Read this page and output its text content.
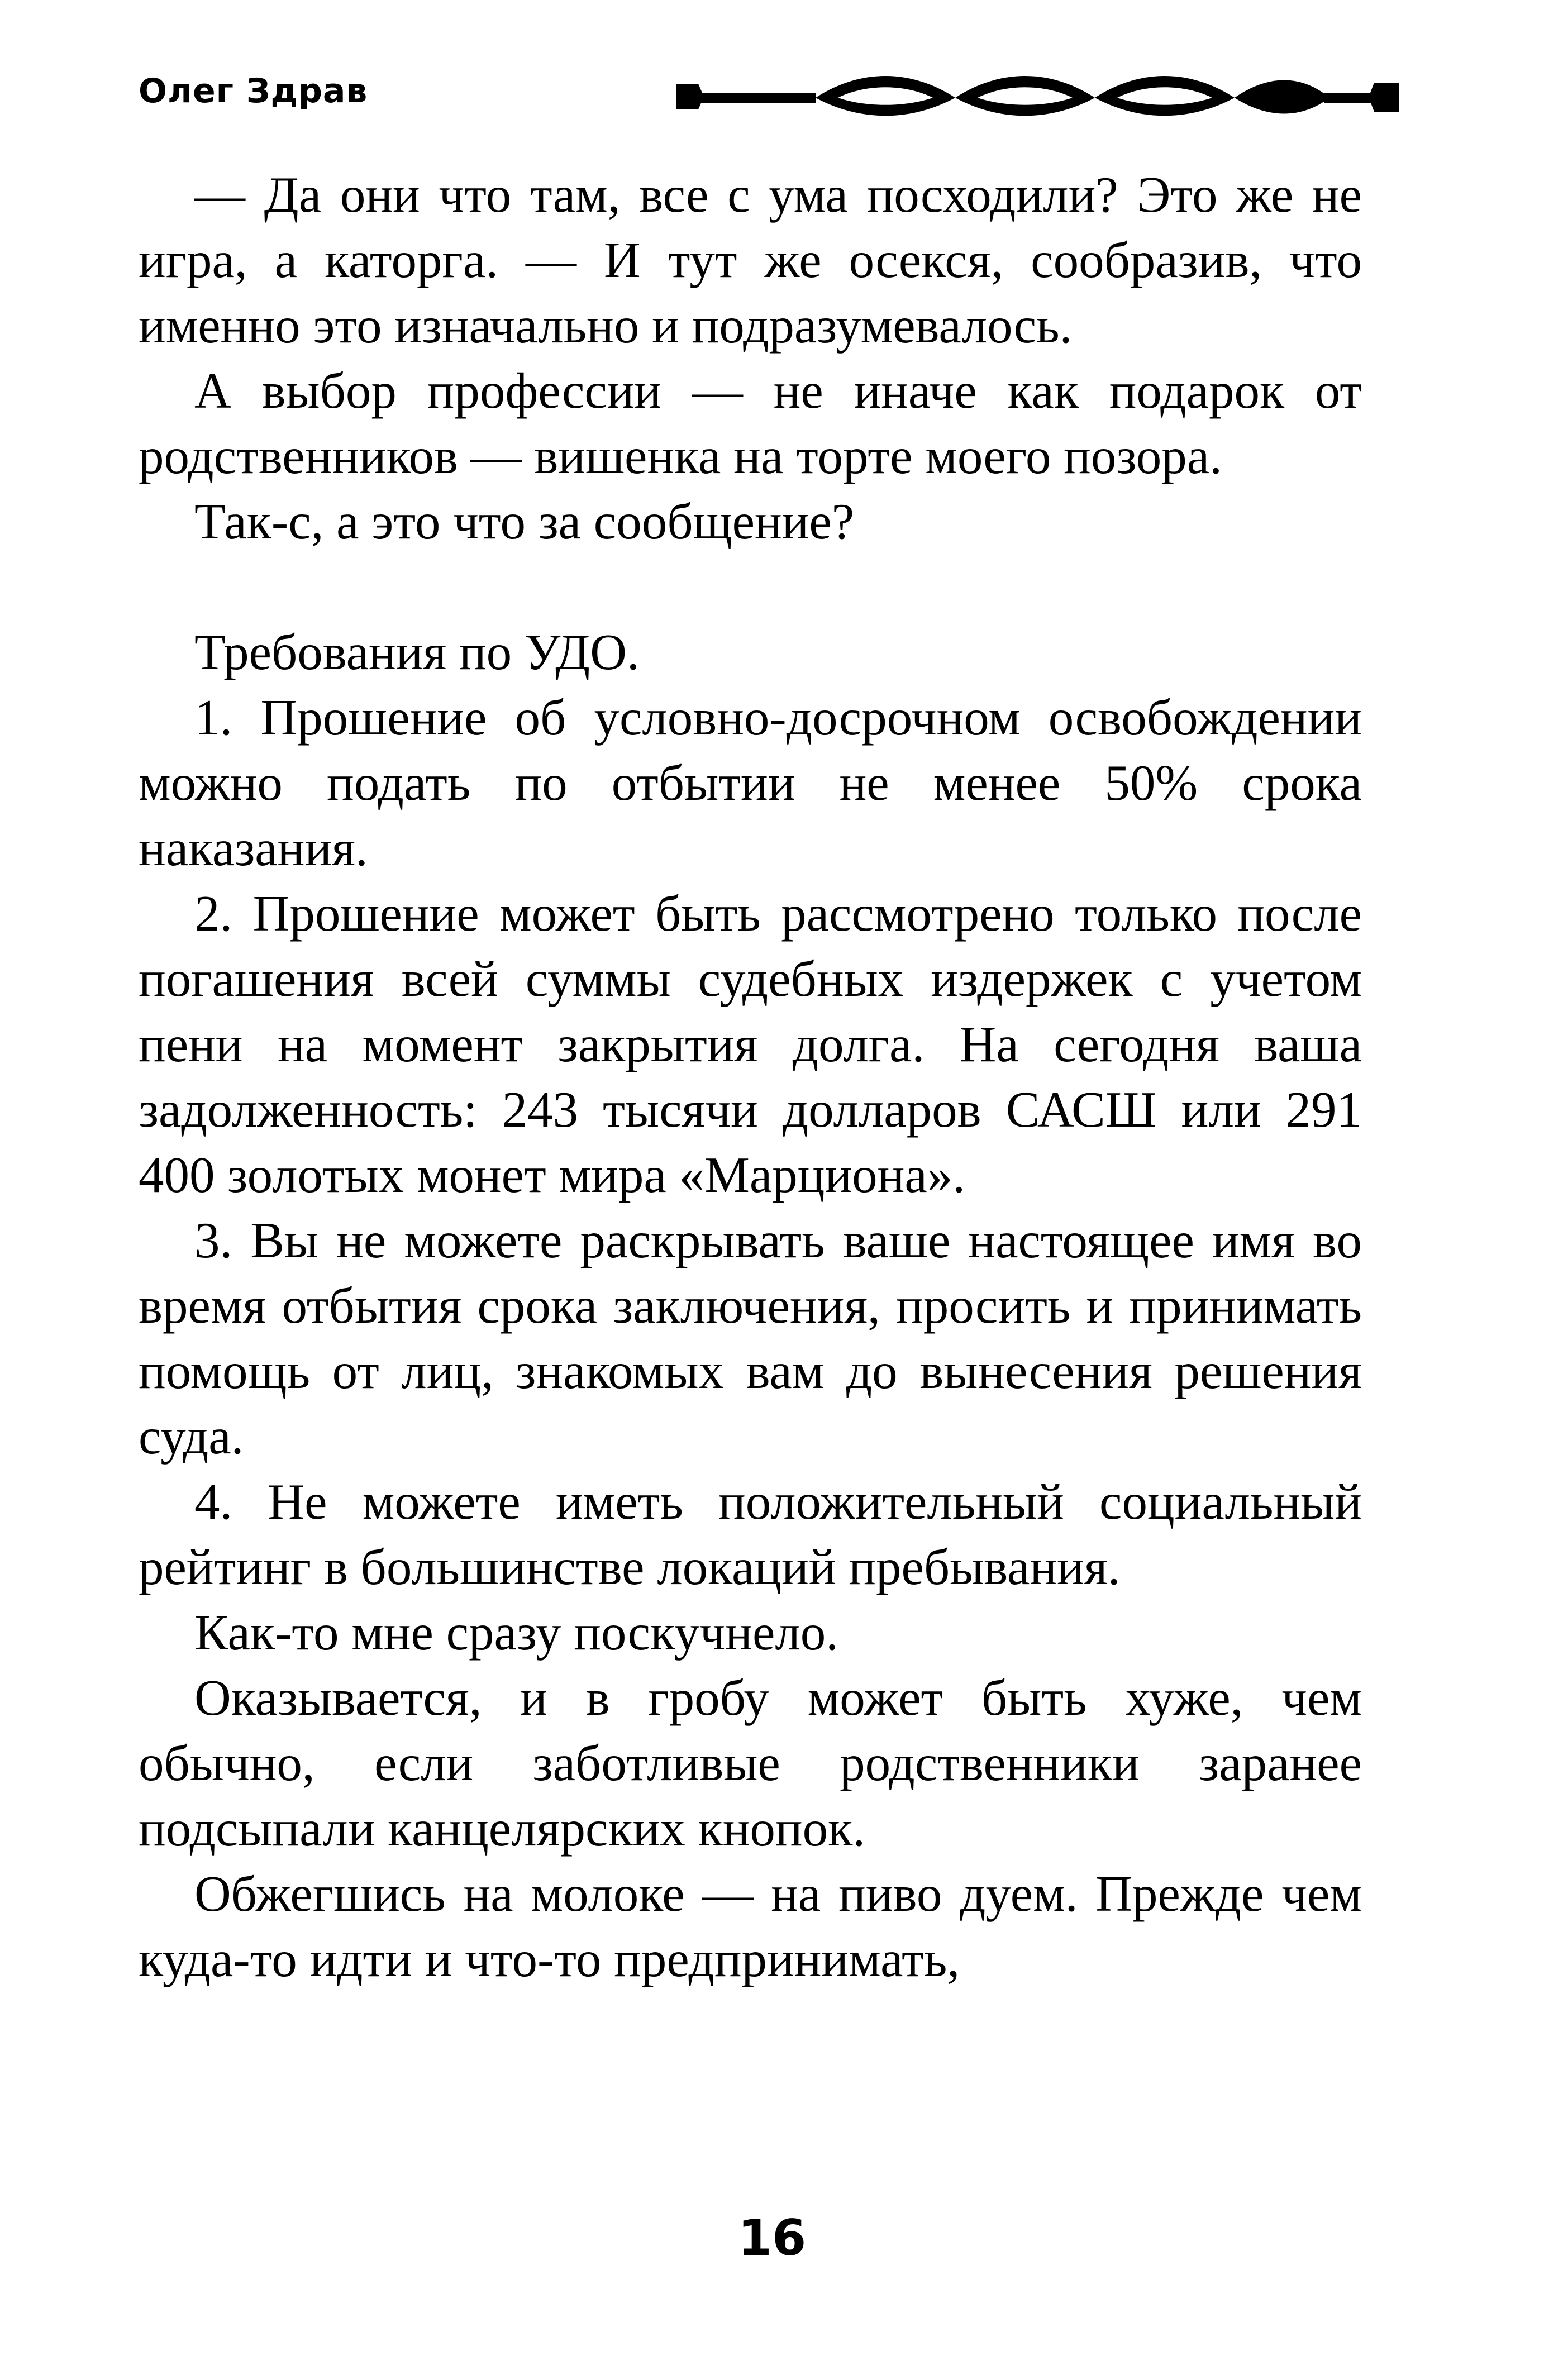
Олег Здрав

— Да они что там, все с ума посходили? Это же не игра, а каторга. — И тут же осекся, сообразив, что именно это изначально и подразумевалось.

А выбор профессии — не иначе как подарок от родственников — вишенка на торте моего позора.

Так-с, а это что за сообщение?

Требования по УДО.

1. Прошение об условно-досрочном освобождении можно подать по отбытии не менее 50% срока наказания.

2. Прошение может быть рассмотрено только после погашения всей суммы судебных издержек с учетом пени на момент закрытия долга. На сегодня ваша задолженность: 243 тысячи долларов САСШ или 291 400 золотых монет мира «Марциона».

3. Вы не можете раскрывать ваше настоящее имя во время отбытия срока заключения, просить и принимать помощь от лиц, знакомых вам до вынесения решения суда.

4. Не можете иметь положительный социальный рейтинг в большинстве локаций пребывания.

Как-то мне сразу поскучнело.

Оказывается, и в гробу может быть хуже, чем обычно, если заботливые родственники заранее подсыпали канцелярских кнопок.

Обжегшись на молоке — на пиво дуем. Прежде чем куда-то идти и что-то предпринимать,

16
